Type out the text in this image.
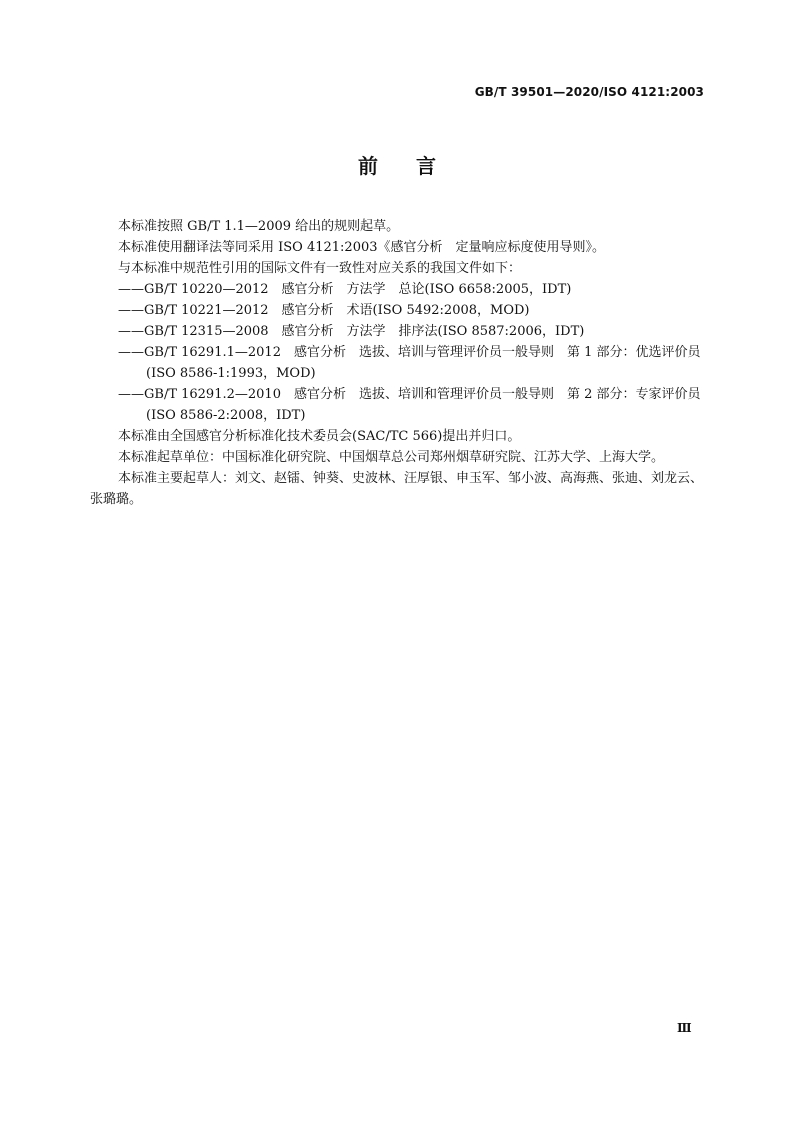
GB/T 39501—2020/ISO 4121:2003
前言

本标准按照 GB/T 1.1—2009 给出的规则起草。

本标准使用翻译法等同采用 ISO 4121:2003《感官分析　定量响应标度使用导则》。

与本标准中规范性引用的国际文件有一致性对应关系的我国文件如下：

——GB/T 10220—2012　感官分析　方法学　总论(ISO 6658:2005，IDT)

——GB/T 10221—2012　感官分析　术语(ISO 5492:2008，MOD)

——GB/T 12315—2008　感官分析　方法学　排序法(ISO 8587:2006，IDT)

——GB/T 16291.1—2012　感官分析　选拔、培训与管理评价员一般导则　第 1 部分：优选评价员

(ISO 8586-1:1993，MOD)

——GB/T 16291.2—2010　感官分析　选拔、培训和管理评价员一般导则　第 2 部分：专家评价员

(ISO 8586-2:2008，IDT)

本标准由全国感官分析标准化技术委员会(SAC/TC 566)提出并归口。

本标准起草单位：中国标准化研究院、中国烟草总公司郑州烟草研究院、江苏大学、上海大学。

本标准主要起草人：刘文、赵镭、钟葵、史波林、汪厚银、申玉军、邹小波、高海燕、张迪、刘龙云、

张璐璐。

Ⅲ
